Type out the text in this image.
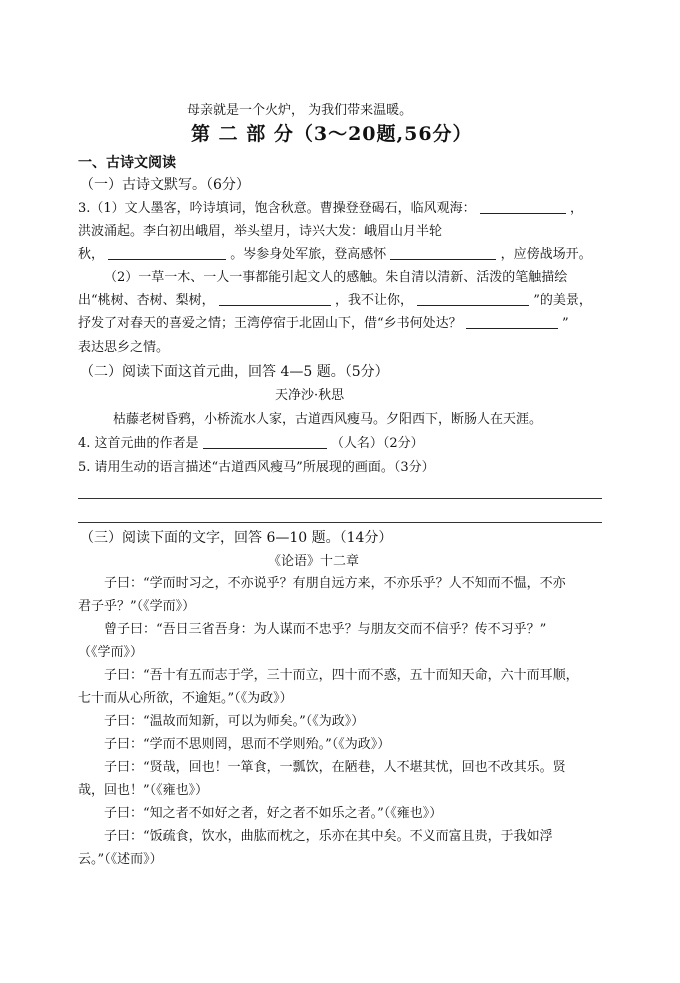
母亲就是一个火炉， 为我们带来温暖。
第 二 部 分（3～20题,56分）
一、古诗文阅读
（一）古诗文默写。（6分）
3.（1）文人墨客，吟诗填词，饱含秋意。曹操登登碣石，临风观海：	，
洪波涌起。李白初出峨眉，举头望月，诗兴大发：峨眉山月半轮
秋，	。岑参身处军旅，登高感怀	，应傍战场开。
（2）一草一木、一人一事都能引起文人的感触。朱自清以清新、活泼的笔触描绘
出“桃树、杏树、梨树，	，我不让你，	”的美景，
抒发了对春天的喜爱之情；王湾停宿于北固山下，借“乡书何处达？	”
表达思乡之情。
（二）阅读下面这首元曲，回答 4—5 题。（5分）
天净沙·秋思
枯藤老树昏鸦，小桥流水人家，古道西风瘦马。夕阳西下，断肠人在天涯。
4. 这首元曲的作者是	（人名）（2分）
5. 请用生动的语言描述“古道西风瘦马”所展现的画面。（3分）
（三）阅读下面的文字，回答 6—10 题。（14分）
《论语》十二章
子曰：“学而时习之，不亦说乎？有朋自远方来，不亦乐乎？人不知而不愠，不亦
君子乎？”（《学而》）
曾子曰：“吾日三省吾身：为人谋而不忠乎？与朋友交而不信乎？传不习乎？”
（《学而》）
子曰：“吾十有五而志于学，三十而立，四十而不惑，五十而知天命，六十而耳顺，
七十而从心所欲，不逾矩。”（《为政》）
子曰：“温故而知新，可以为师矣。”（《为政》）
子曰：“学而不思则罔，思而不学则殆。”（《为政》）
子曰：“贤哉，回也！一箪食，一瓢饮，在陋巷，人不堪其忧，回也不改其乐。贤
哉，回也！”（《雍也》）
子曰：“知之者不如好之者，好之者不如乐之者。”（《雍也》）
子曰：“饭疏食，饮水，曲肱而枕之，乐亦在其中矣。不义而富且贵，于我如浮
云。”（《述而》）
